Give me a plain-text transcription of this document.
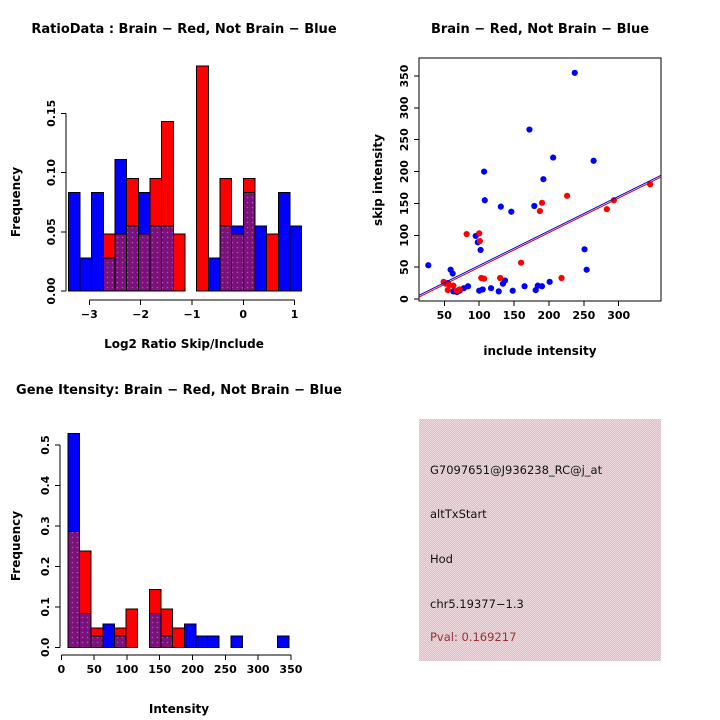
RatioData : Brain − Red, Not Brain − Blue	Brain − Red, Not Brain − Blue
Gene Itensity: Brain − Red, Not Brain − Blue
Log2 Ratio Skip/Include
Frequency
include intensity
skip intensity
Intensity
Frequency
−3	−2	−1	0	1
0.00
0.05
0.10
0.15
50 100 150 200 250 300
0
50
100
150
200
250
300
350
0 50 100 150 200 250 300 350
0.0
0.1
0.2
0.3
0.4
0.5
G7097651@J936238_RC@j_at
altTxStart
Hod
chr5.19377−1.3
Pval: 0.169217
